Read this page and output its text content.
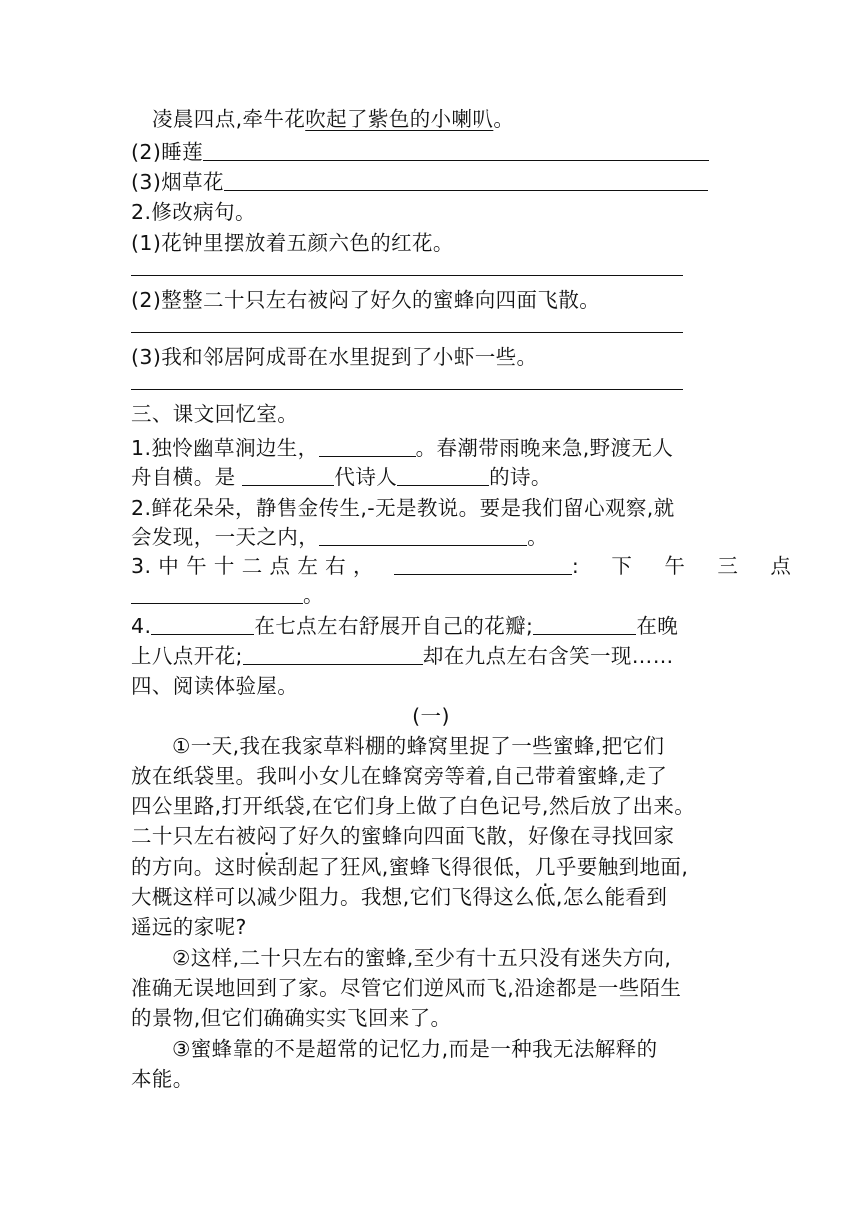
凌晨四点,牵牛花吹起了紫色的小喇叭。
(2)睡莲
(3)烟草花
2.修改病句。
(1)花钟里摆放着五颜六色的红花。
(2)整整二十只左右被闷了好久的蜜蜂向四面飞散。
(3)我和邻居阿成哥在水里捉到了小虾一些。
三、课文回忆室。
1.独怜幽草涧边生，	。春潮带雨晚来急,野渡无人
舟自横。是	代诗人	的诗。
2.鲜花朵朵，静售金传生,-无是教说。要是我们留心观察,就
会发现，一天之内，	。
3. 中 午 十 二 点 左 右 ，	: 下 午 三 点
。
4.	在七点左右舒展开自己的花瓣;	在晚
上八点开花;	却在九点左右含笑一现……
四、阅读体验屋。
(一)
①一天,我在我家草料棚的蜂窝里捉了一些蜜蜂,把它们
放在纸袋里。我叫小女儿在蜂窝旁等着,自己带着蜜蜂,走了
四公里路,打开纸袋,在它们身上做了白色记号,然后放了出来。
二十只左右被闷了好久的蜜蜂向四面飞散，好像在寻找回家
的方向。这时候刮起了狂风,蜜蜂飞得很低，几乎要触到地面,
大概这样可以减少阻力。我想,它们飞得这么低,怎么能看到
遥远的家呢?
②这样,二十只左右的蜜蜂,至少有十五只没有迷失方向,
准确无误地回到了家。尽管它们逆风而飞,沿途都是一些陌生
的景物,但它们确确实实飞回来了。
③蜜蜂靠的不是超常的记忆力,而是一种我无法解释的
本能。
